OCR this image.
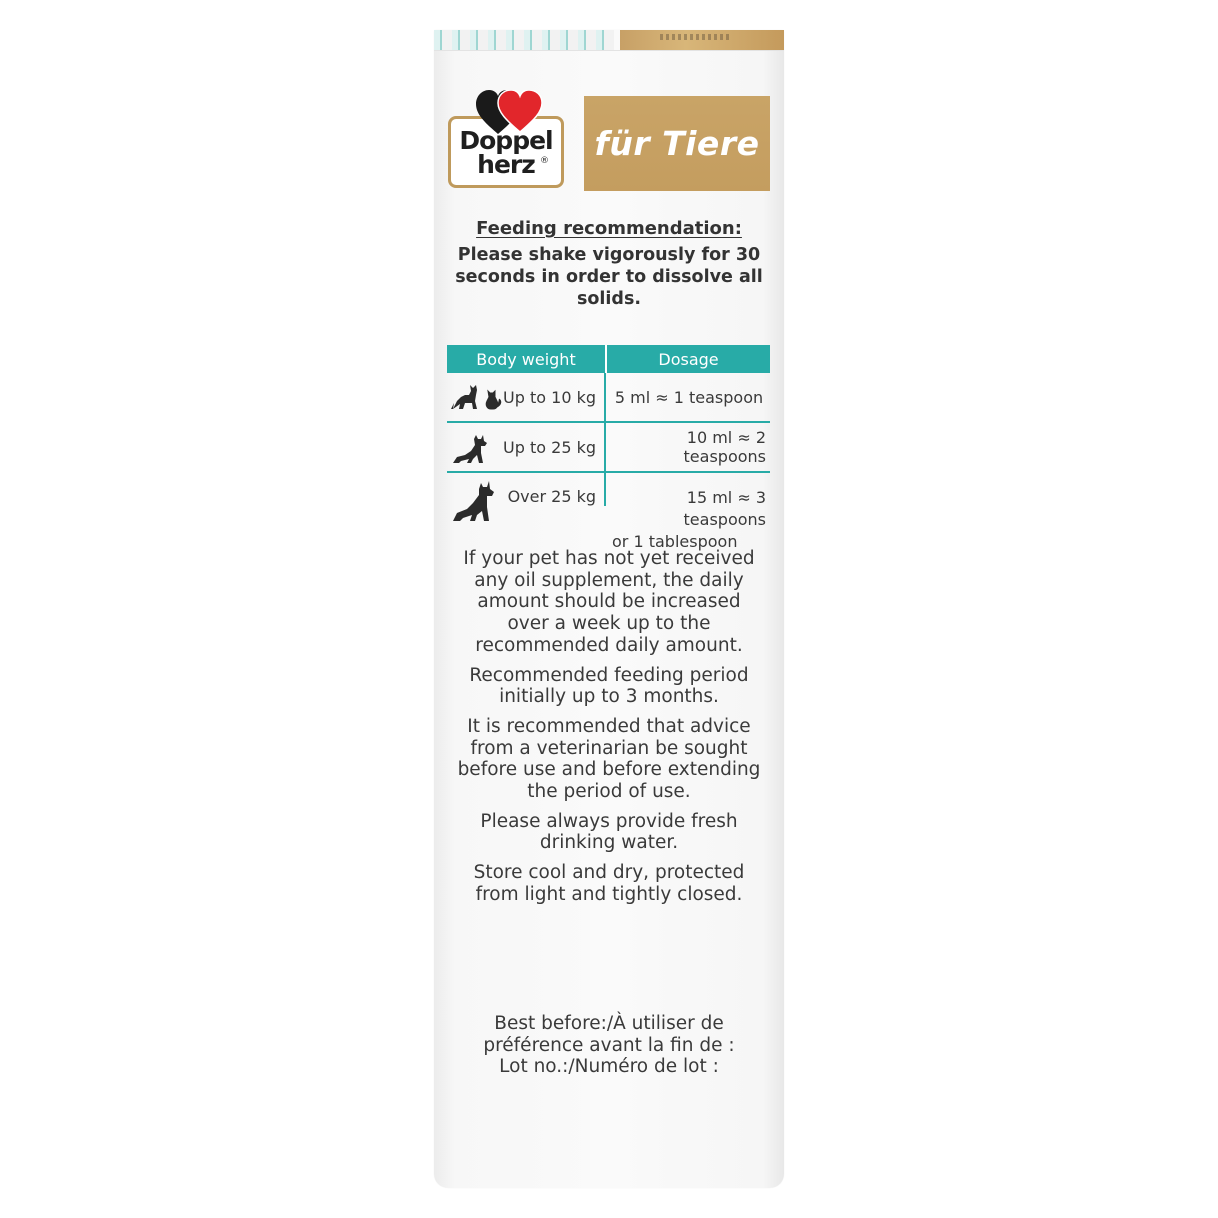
Doppel
herz ® für Tiere
Feeding recommendation:
Please shake vigorously for 30 seconds in order to dissolve all solids.
Body weight	Dosage
Up to 10 kg 5 ml ≈ 1 teaspoon
Up to 25 kg	10 ml ≈ 2 teaspoons
Over 25 kg	15 ml ≈ 3 teaspoons
or 1 tablespoon

If your pet has not yet received any oil supplement, the daily amount should be increased over a week up to the recommended daily amount.

Recommended feeding period initially up to 3 months.

It is recommended that advice from a veterinarian be sought before use and before extending the period of use.

Please always provide fresh drinking water.

Store cool and dry, protected from light and tightly closed.

Best before:/À utiliser de
préférence avant la fin de :
Lot no.:/Numéro de lot :
